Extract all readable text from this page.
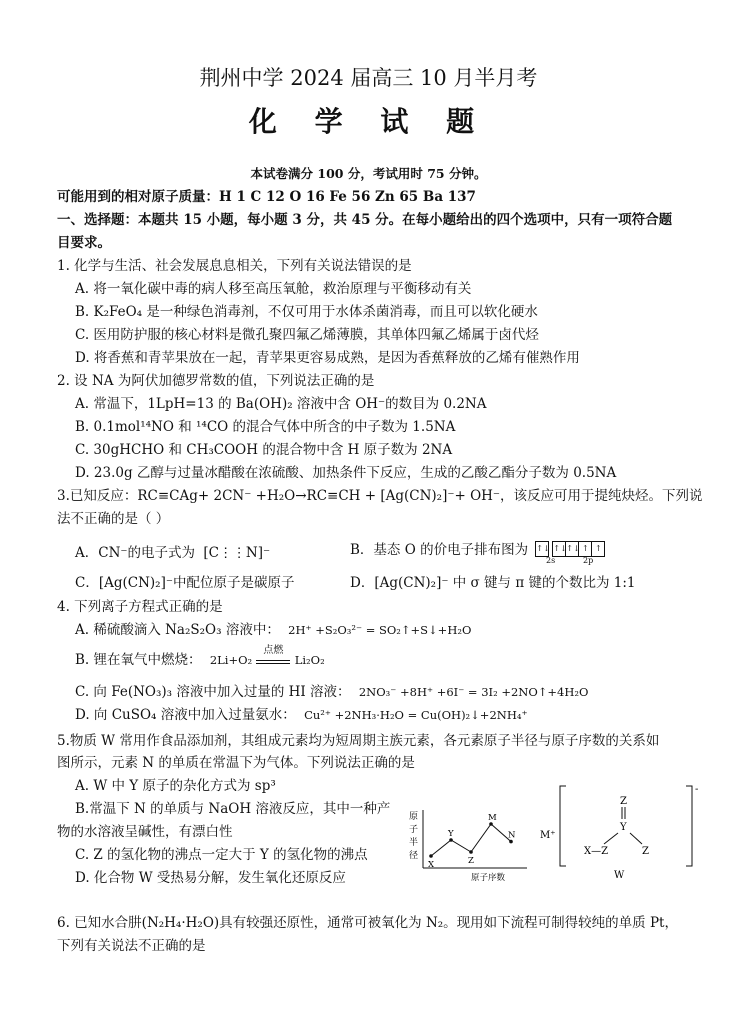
荆州中学 2024 届高三 10 月半月考
化 学 试 题
本试卷满分 100 分，考试用时 75 分钟。
可能用到的相对原子质量：H 1 C 12 O 16 Fe 56 Zn 65 Ba 137
一、选择题：本题共 15 小题，每小题 3 分，共 45 分。在每小题给出的四个选项中，只有一项符合题
目要求。
1. 化学与生活、社会发展息息相关，下列有关说法错误的是
A. 将一氧化碳中毒的病人移至高压氧舱，救治原理与平衡移动有关
B. K₂FeO₄ 是一种绿色消毒剂，不仅可用于水体杀菌消毒，而且可以软化硬水
C. 医用防护服的核心材料是微孔聚四氟乙烯薄膜，其单体四氟乙烯属于卤代烃
D. 将香蕉和青苹果放在一起，青苹果更容易成熟，是因为香蕉释放的乙烯有催熟作用
2. 设 NA 为阿伏加德罗常数的值，下列说法正确的是
A. 常温下，1LpH=13 的 Ba(OH)₂ 溶液中含 OH⁻的数目为 0.2NA
B. 0.1mol¹⁴NO 和 ¹⁴CO 的混合气体中所含的中子数为 1.5NA
C. 30gHCHO 和 CH₃COOH 的混合物中含 H 原子数为 2NA
D. 23.0g 乙醇与过量冰醋酸在浓硫酸、加热条件下反应，生成的乙酸乙酯分子数为 0.5NA
3.已知反应：RC≡CAg+ 2CN⁻ +H₂O→RC≡CH + [Ag(CN)₂]⁻+ OH⁻，该反应可用于提纯炔烃。下列说
法不正确的是（ ）
A．CN⁻的电子式为 [C⋮⋮N]⁻	B．基态 O 的价电子排布图为 ↑↓ ↑↓↑↓ ↑ ↑
2s	2p
C．[Ag(CN)₂]⁻中配位原子是碳原子	D．[Ag(CN)₂]⁻ 中 σ 键与 π 键的个数比为 1:1
4. 下列离子方程式正确的是
A. 稀硫酸滴入 Na₂S₂O₃ 溶液中： 2H⁺ +S₂O₃²⁻ = SO₂↑+S↓+H₂O
B. 锂在氧气中燃烧： 2Li+O₂
点燃
Li₂O₂
C. 向 Fe(NO₃)₃ 溶液中加入过量的 HI 溶液： 2NO₃⁻ +8H⁺ +6I⁻ = 3I₂ +2NO↑+4H₂O
D. 向 CuSO₄ 溶液中加入过量氨水： Cu²⁺ +2NH₃·H₂O = Cu(OH)₂↓+2NH₄⁺
5.物质 W 常用作食品添加剂，其组成元素均为短周期主族元素，各元素原子半径与原子序数的关系如
图所示，元素 N 的单质在常温下为气体。下列说法正确的是
A. W 中 Y 原子的杂化方式为 sp³
B.常温下 N 的单质与 NaOH 溶液反应，其中一种产
物的水溶液呈碱性，有漂白性
C. Z 的氢化物的沸点一定大于 Y 的氢化物的沸点
D. 化合物 W 受热易分解，发生氧化还原反应
原
子
半
径
X
Y
Z
M
N
原子序数
M⁺
-
Z
Y
X—Z	Z
W
6. 已知水合肼(N₂H₄·H₂O)具有较强还原性，通常可被氧化为 N₂。现用如下流程可制得较纯的单质 Pt，
下列有关说法不正确的是
